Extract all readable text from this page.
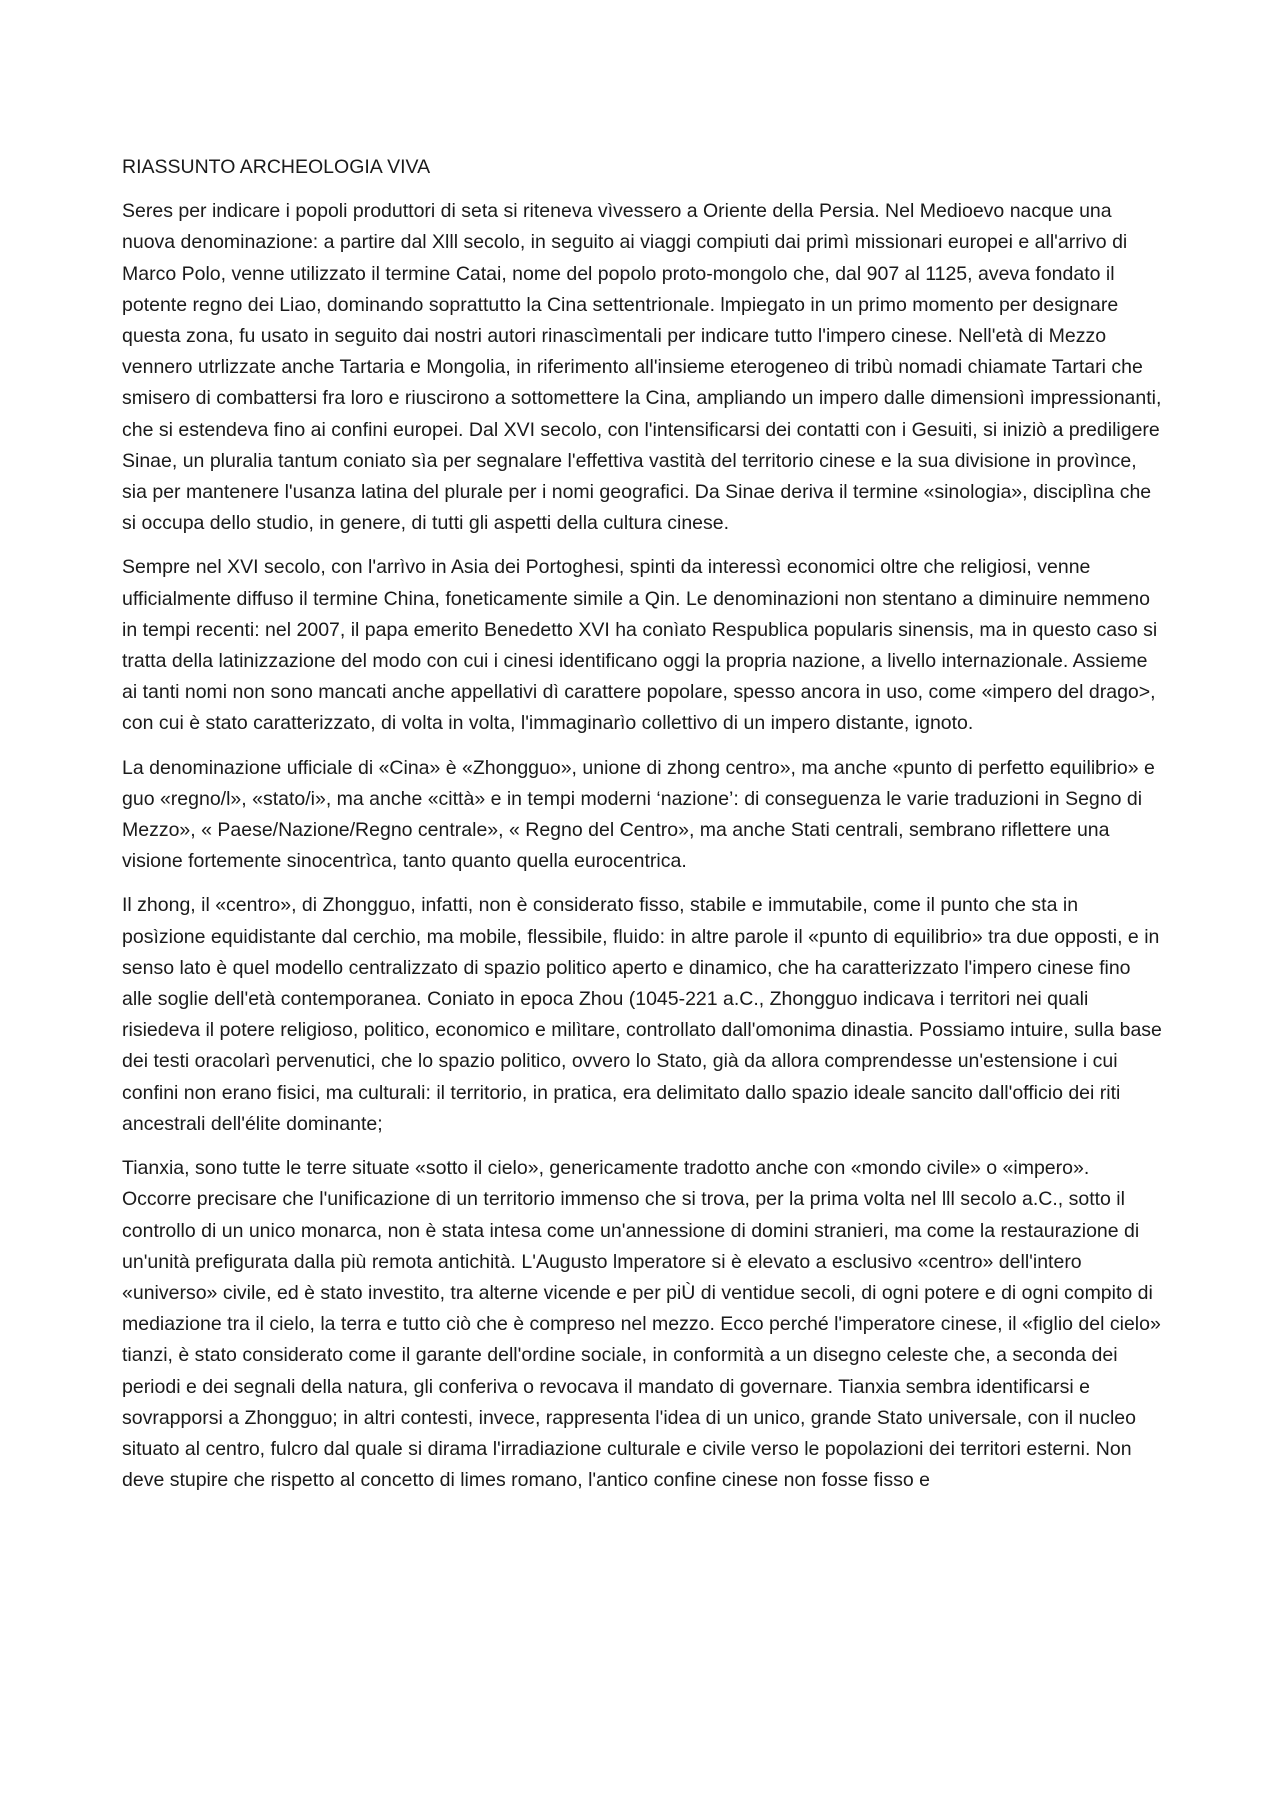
RIASSUNTO ARCHEOLOGIA VIVA

Seres per indicare i popoli produttori di seta si riteneva vìvessero a Oriente della Persia. Nel Medioevo nacque una nuova denominazione: a partire dal Xlll secolo, in seguito ai viaggi compiuti dai primì missionari europei e all'arrivo di Marco Polo, venne utilizzato il termine Catai, nome del popolo proto-mongolo che, dal 907 al 1125, aveva fondato il potente regno dei Liao, dominando soprattutto la Cina settentrionale. lmpiegato in un primo momento per designare questa zona, fu usato in seguito dai nostri autori rinascìmentali per indicare tutto l'impero cinese. Nell'età di Mezzo vennero utrlizzate anche Tartaria e Mongolia, in riferimento all'insieme eterogeneo di tribù nomadi chiamate Tartari che smisero di combattersi fra loro e riuscirono a sottomettere la Cina, ampliando un impero dalle dimensionì impressionanti, che si estendeva fino ai confini europei. Dal XVI secolo, con l'intensificarsi dei contatti con i Gesuiti, si iniziò a prediligere Sinae, un pluralia tantum coniato sìa per segnalare l'effettiva vastità del territorio cinese e la sua divisione in provìnce, sia per mantenere l'usanza latina del plurale per i nomi geografici. Da Sinae deriva il termine «sinologia», disciplìna che si occupa dello studio, in genere, di tutti gli aspetti della cultura cinese.

Sempre nel XVI secolo, con l'arrìvo in Asia dei Portoghesi, spinti da interessì economici oltre che religiosi, venne ufficialmente diffuso il termine China, foneticamente simile a Qin. Le denominazioni non stentano a diminuire nemmeno in tempi recenti: nel 2007, il papa emerito Benedetto XVI ha conìato Respublica popularis sinensis, ma in questo caso si tratta della latinizzazione del modo con cui i cinesi identificano oggi la propria nazione, a livello internazionale. Assieme ai tanti nomi non sono mancati anche appellativi dì carattere popolare, spesso ancora in uso, come «impero del drago>, con cui è stato caratterizzato, di volta in volta, l'immaginarìo collettivo di un impero distante, ignoto.

La denominazione ufficiale di «Cina» è «Zhongguo», unione di zhong centro», ma anche «punto di perfetto equilibrio» e guo «regno/l», «stato/i», ma anche «città» e in tempi moderni ‘nazione’: di conseguenza le varie traduzioni in Segno di Mezzo», « Paese/Nazione/Regno centrale», « Regno del Centro», ma anche Stati centrali, sembrano riflettere una visione fortemente sinocentrìca, tanto quanto quella eurocentrica.

Il zhong, il «centro», di Zhongguo, infatti, non è considerato fisso, stabile e immutabile, come il punto che sta in posìzione equidistante dal cerchio, ma mobile, flessibile, fluido: in altre parole il «punto di equilibrio» tra due opposti, e in senso lato è quel modello centralizzato di spazio politico aperto e dinamico, che ha caratterizzato l'impero cinese fino alle soglie dell'età contemporanea. Coniato in epoca Zhou (1045-221 a.C., Zhongguo indicava i territori nei quali risiedeva il potere religioso, politico, economico e milìtare, controllato dall'omonima dinastia. Possiamo intuire, sulla base dei testi oracolarì pervenutici, che lo spazio politico, ovvero lo Stato, già da allora comprendesse un'estensione i cui confini non erano fisici, ma culturali: il territorio, in pratica, era delimitato dallo spazio ideale sancito dall'officio dei riti ancestrali dell'élite dominante;

Tianxia, sono tutte le terre situate «sotto il cielo», genericamente tradotto anche con «mondo civile» o «impero». Occorre precisare che l'unificazione di un territorio immenso che si trova, per la prima volta nel lll secolo a.C., sotto il controllo di un unico monarca, non è stata intesa come un'annessione di domini stranieri, ma come la restaurazione di un'unità prefigurata dalla più remota antichità. L'Augusto lmperatore si è elevato a esclusivo «centro» dell'intero «universo» civile, ed è stato investito, tra alterne vicende e per piÙ di ventidue secoli, di ogni potere e di ogni compito di mediazione tra il cielo, la terra e tutto ciò che è compreso nel mezzo. Ecco perché l'imperatore cinese, il «figlio del cielo» tianzi, è stato considerato come il garante dell'ordine sociale, in conformità a un disegno celeste che, a seconda dei periodi e dei segnali della natura, gli conferiva o revocava il mandato di governare. Tianxia sembra identificarsi e sovrapporsi a Zhongguo; in altri contesti, invece, rappresenta l'idea di un unico, grande Stato universale, con il nucleo situato al centro, fulcro dal quale si dirama l'irradiazione culturale e civile verso le popolazioni dei territori esterni. Non deve stupire che rispetto al concetto di limes romano, l'antico confine cinese non fosse fisso e
